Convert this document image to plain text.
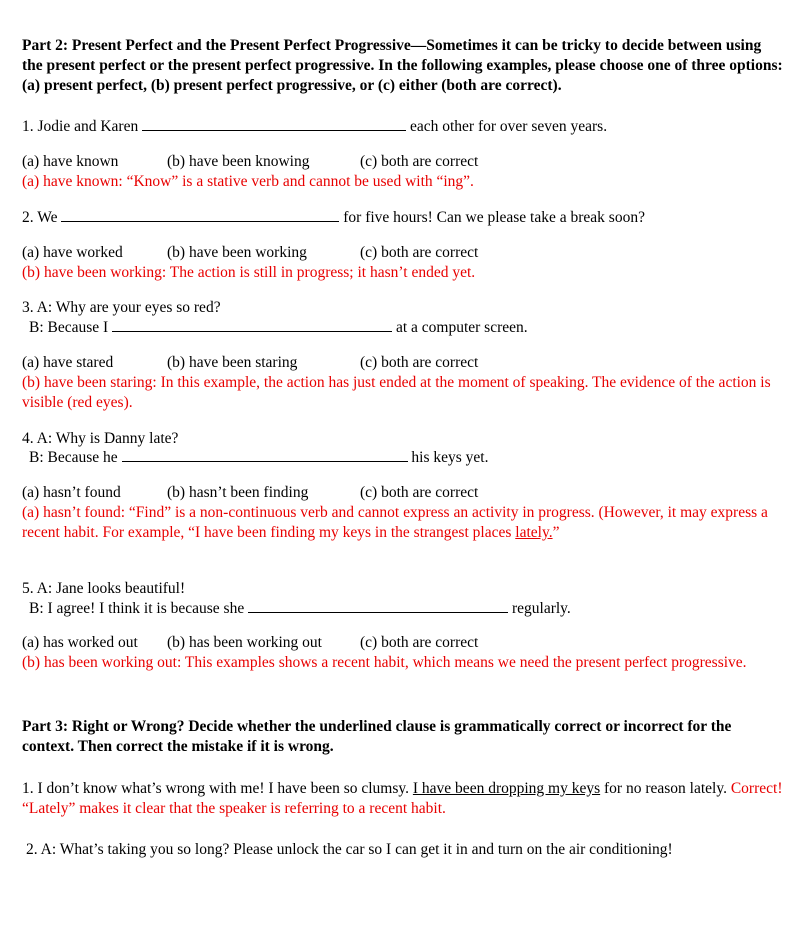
Part 2: Present Perfect and the Present Perfect Progressive—Sometimes it can be tricky to decide between using the present perfect or the present perfect progressive. In the following examples, please choose one of three options: (a) present perfect, (b) present perfect progressive, or (c) either (both are correct).

1. Jodie and Karen	each other for over seven years.

(a) have known	(b) have been knowing	(c) both are correct

(a) have known: “Know” is a stative verb and cannot be used with “ing”.

2. We	for five hours! Can we please take a break soon?

(a) have worked	(b) have been working	(c) both are correct

(b) have been working: The action is still in progress; it hasn’t ended yet.

3. A: Why are your eyes so red?

B: Because I	at a computer screen.

(a) have stared	(b) have been staring	(c) both are correct

(b) have been staring: In this example, the action has just ended at the moment of speaking. The evidence of the action is visible (red eyes).

4. A: Why is Danny late?

B: Because he	his keys yet.

(a) hasn’t found	(b) hasn’t been finding	(c) both are correct

(a) hasn’t found: “Find” is a non-continuous verb and cannot express an activity in progress. (However, it may express a recent habit. For example, “I have been finding my keys in the strangest places lately.”

5. A: Jane looks beautiful!

B: I agree! I think it is because she	regularly.

(a) has worked out (b) has been working out (c) both are correct

(b) has been working out: This examples shows a recent habit, which means we need the present perfect progressive.

Part 3: Right or Wrong? Decide whether the underlined clause is grammatically correct or incorrect for the context. Then correct the mistake if it is wrong.

1. I don’t know what’s wrong with me! I have been so clumsy. I have been dropping my keys for no reason lately. Correct! “Lately” makes it clear that the speaker is referring to a recent habit.

2. A: What’s taking you so long? Please unlock the car so I can get it in and turn on the air conditioning!
